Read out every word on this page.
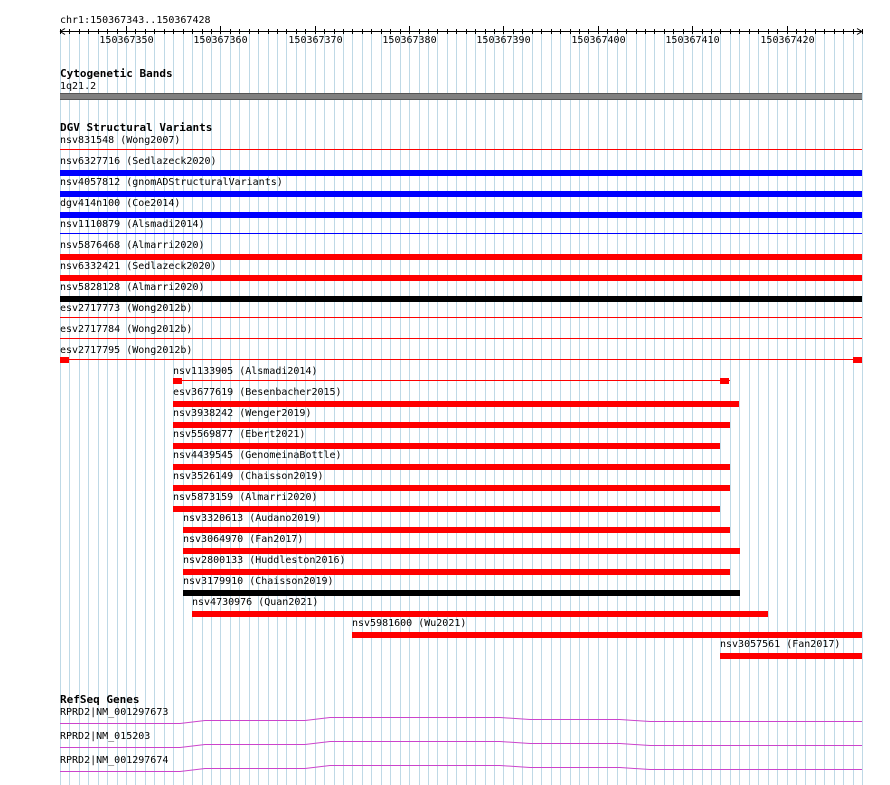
chr1:150367343..150367428
150367350	150367360	150367370	150367380	150367390	150367400	150367410	150367420
Cytogenetic Bands
1q21.2
DGV Structural Variants
nsv831548 (Wong2007)
nsv6327716 (Sedlazeck2020)
nsv4057812 (gnomADStructuralVariants)
dgv414n100 (Coe2014)
nsv1110879 (Alsmadi2014)
nsv5876468 (Almarri2020)
nsv6332421 (Sedlazeck2020)
nsv5828128 (Almarri2020)
esv2717773 (Wong2012b)
esv2717784 (Wong2012b)
esv2717795 (Wong2012b)
nsv1133905 (Alsmadi2014)
esv3677619 (Besenbacher2015)
nsv3938242 (Wenger2019)
nsv5569877 (Ebert2021)
nsv4439545 (GenomeinaBottle)
nsv3526149 (Chaisson2019)
nsv5873159 (Almarri2020)
nsv3320613 (Audano2019)
nsv3064970 (Fan2017)
nsv2800133 (Huddleston2016)
nsv3179910 (Chaisson2019)
nsv4730976 (Quan2021)
nsv5981600 (Wu2021)
nsv3057561 (Fan2017)
RefSeq Genes
RPRD2|NM_001297673
RPRD2|NM_015203
RPRD2|NM_001297674
